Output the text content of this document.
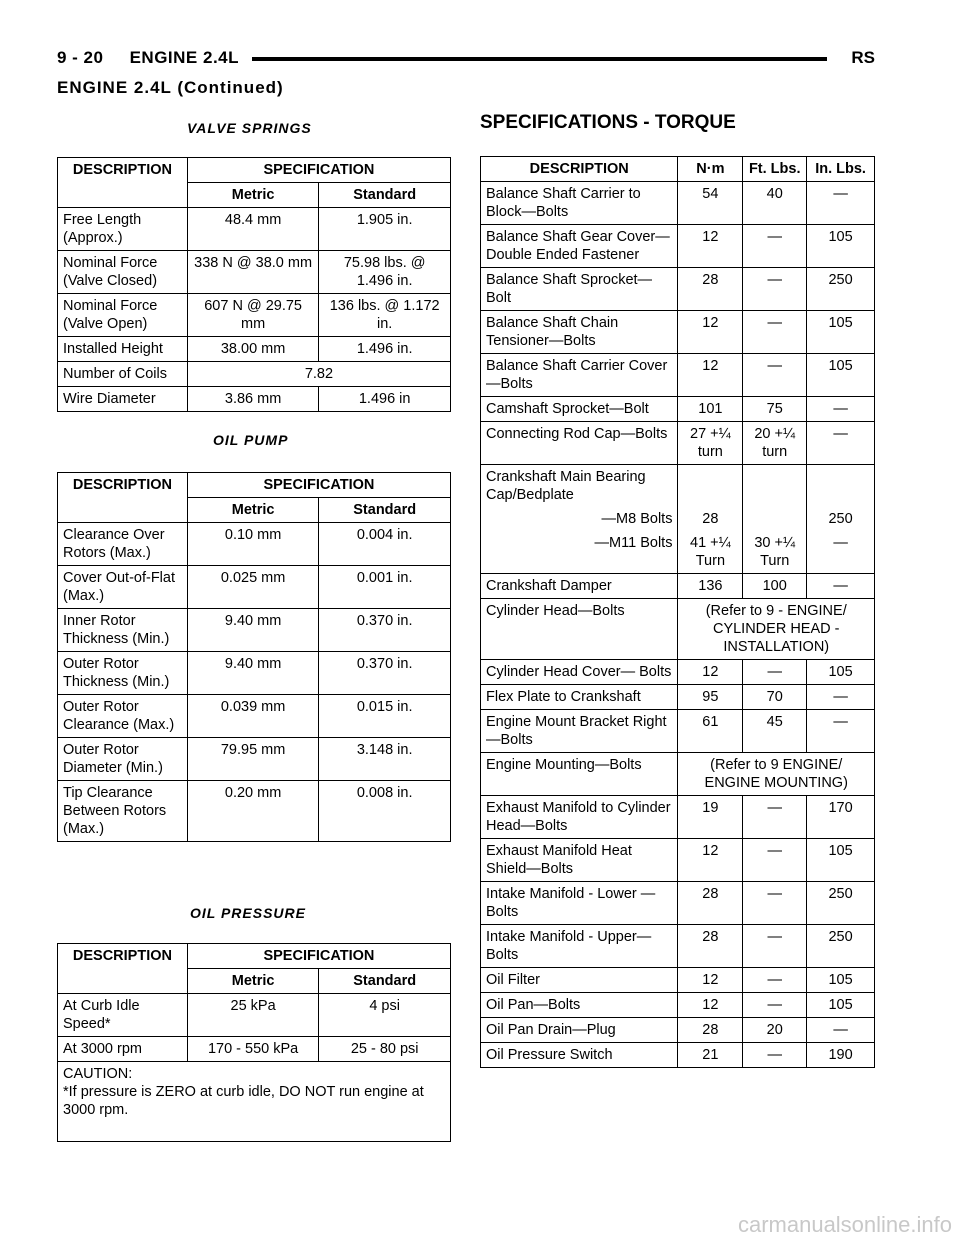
9 - 20     ENGINE 2.4L	RS
ENGINE 2.4L (Continued)
VALVE SPRINGS
DESCRIPTION	SPECIFICATION	
	Metric	Standard
Free Length (Approx.)	48.4 mm	1.905 in.
Nominal Force (Valve Closed)	338 N @ 38.0 mm	75.98 lbs. @ 1.496 in.
Nominal Force (Valve Open)	607 N @ 29.75 mm	136 lbs. @ 1.172 in.
Installed Height	38.00 mm	1.496 in.
Number of Coils	7.82	
Wire Diameter	3.86 mm	1.496 in
OIL PUMP
DESCRIPTION	SPECIFICATION	
	Metric	Standard
Clearance Over Rotors (Max.)	0.10 mm	0.004 in.
Cover Out-of-Flat (Max.)	0.025 mm	0.001 in.
Inner Rotor Thickness (Min.)	9.40 mm	0.370 in.
Outer Rotor Thickness (Min.)	9.40 mm	0.370 in.
Outer Rotor Clearance (Max.)	0.039 mm	0.015 in.
Outer Rotor Diameter (Min.)	79.95 mm	3.148 in.
Tip Clearance Between Rotors (Max.)	0.20 mm	0.008 in.
OIL PRESSURE
DESCRIPTION	SPECIFICATION	
	Metric	Standard
At Curb Idle Speed*	25 kPa	4 psi
At 3000 rpm	170 - 550 kPa	25 - 80 psi
CAUTION:
*If pressure is ZERO at curb idle, DO NOT run engine at 3000 rpm.		
SPECIFICATIONS - TORQUE
DESCRIPTION	N·m	Ft. Lbs.	In. Lbs.
Balance Shaft Carrier to Block—Bolts	54	40	—
Balance Shaft Gear Cover—Double Ended Fastener	12	—	105
Balance Shaft Sprocket— Bolt	28	—	250
Balance Shaft Chain Tensioner—Bolts	12	—	105
Balance Shaft Carrier Cover—Bolts	12	—	105
Camshaft Sprocket—Bolt	101	75	—
Connecting Rod Cap—Bolts	27 +¼ turn	20 +¼ turn	—
Crankshaft Main Bearing Cap/Bedplate			
—M8 Bolts	28		250
—M11 Bolts	41 +¼ Turn	30 +¼ Turn	—
Crankshaft Damper	136	100	—
Cylinder Head—Bolts	(Refer to 9 - ENGINE/ CYLINDER HEAD - INSTALLATION)		
Cylinder Head Cover— Bolts	12	—	105
Flex Plate to Crankshaft	95	70	—
Engine Mount Bracket Right—Bolts	61	45	—
Engine Mounting—Bolts	(Refer to 9 ENGINE/ ENGINE MOUNTING)		
Exhaust Manifold to Cylinder Head—Bolts	19	—	170
Exhaust Manifold Heat Shield—Bolts	12	—	105
Intake Manifold - Lower —Bolts	28	—	250
Intake Manifold - Upper—Bolts	28	—	250
Oil Filter	12	—	105
Oil Pan—Bolts	12	—	105
Oil Pan Drain—Plug	28	20	—
Oil Pressure Switch	21	—	190
carmanualsonline.info
